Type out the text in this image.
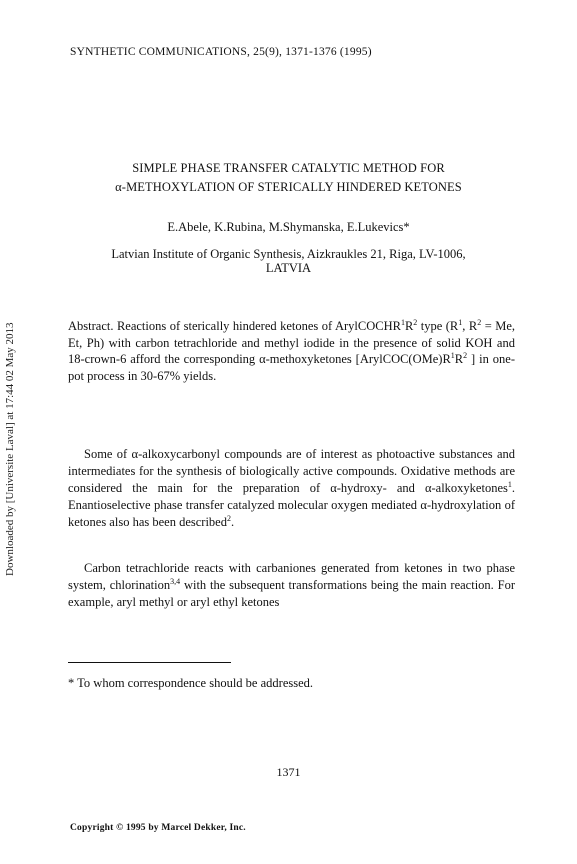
Downloaded by [Universite Laval] at 17:44 02 May 2013
SYNTHETIC COMMUNICATIONS, 25(9), 1371-1376 (1995)
SIMPLE PHASE TRANSFER CATALYTIC METHOD FOR
α-METHOXYLATION OF STERICALLY HINDERED KETONES
E.Abele, K.Rubina, M.Shymanska, E.Lukevics*
Latvian Institute of Organic Synthesis, Aizkraukles 21, Riga, LV-1006,
LATVIA

Abstract. Reactions of sterically hindered ketones of $ArylCOCHR^1R^2$ type ($R^1$, $R^2 = Me$, Et, Ph) with carbon tetrachloride and methyl iodide in the presence of solid KOH and 18-crown-6 afford the corresponding α-methoxyketones [$ArylCOC(OMe)R^1R^2$ ] in one-pot process in 30-67% yields.

Some of α-alkoxycarbonyl compounds are of interest as photoactive substances and intermediates for the synthesis of biologically active compounds. Oxidative methods are considered the main for the preparation of α-hydroxy- and α-alkoxyketones$^1$. Enantioselective phase transfer catalyzed molecular oxygen mediated α-hydroxylation of ketones also has been described$^2$.

Carbon tetrachloride reacts with carbaniones generated from ketones in two phase system, chlorination$^{3,4}$ with the subsequent transformations being the main reaction. For example, aryl methyl or aryl ethyl ketones

* To whom correspondence should be addressed.
1371
Copyright © 1995 by Marcel Dekker, Inc.
